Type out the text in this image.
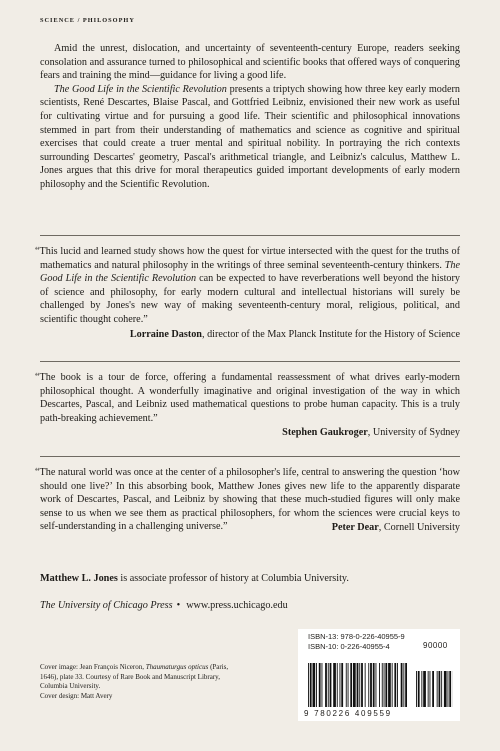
SCIENCE / PHILOSOPHY

Amid the unrest, dislocation, and uncertainty of seventeenth-century Europe, readers seeking consolation and assurance turned to philosophical and scientific books that offered ways of conquering fears and training the mind—guidance for living a good life.

The Good Life in the Scientific Revolution presents a triptych showing how three key early modern scientists, René Descartes, Blaise Pascal, and Gottfried Leibniz, envisioned their new work as useful for cultivating virtue and for pursuing a good life. Their scientific and philosophical innovations stemmed in part from their understanding of mathematics and science as cognitive and spiritual exercises that could create a truer mental and spiritual nobility. In portraying the rich contexts surrounding Descartes' geometry, Pascal's arithmetical triangle, and Leibniz's calculus, Matthew L. Jones argues that this drive for moral therapeutics guided important developments of early modern philosophy and the Scientific Revolution.

“This lucid and learned study shows how the quest for virtue intersected with the quest for the truths of mathematics and natural philosophy in the writings of three seminal seventeenth-century thinkers. The Good Life in the Scientific Revolution can be expected to have reverberations well beyond the history of science and philosophy, for early modern cultural and intellectual historians will surely be challenged by Jones's new way of making seventeenth-century moral, religious, political, and scientific thought cohere.”

Lorraine Daston, director of the Max Planck Institute for the History of Science

“The book is a tour de force, offering a fundamental reassessment of what drives early-modern philosophical thought. A wonderfully imaginative and original investigation of the way in which Descartes, Pascal, and Leibniz used mathematical questions to probe human capacity. This is a truly path-breaking achievement.”

Stephen Gaukroger, University of Sydney

“The natural world was once at the center of a philosopher's life, central to answering the question ‘how should one live?’ In this absorbing book, Matthew Jones gives new life to the apparently disparate work of Descartes, Pascal, and Leibniz by showing that these much-studied figures will only make sense to us when we see them as practical philosophers, for whom the sciences were crucial keys to self-understanding in a challenging universe.”	Peter Dear, Cornell University

Matthew L. Jones is associate professor of history at Columbia University.

The University of Chicago Press • www.press.uchicago.edu
Cover image: Jean François Niceron, Thaumaturgus opticus (Paris, 1646), plate 33. Courtesy of Rare Book and Manuscript Library, Columbia University.
Cover design: Matt Avery
ISBN-13: 978-0-226-40955-9
ISBN-10: 0-226-40955-4	90000
9 780226 409559
